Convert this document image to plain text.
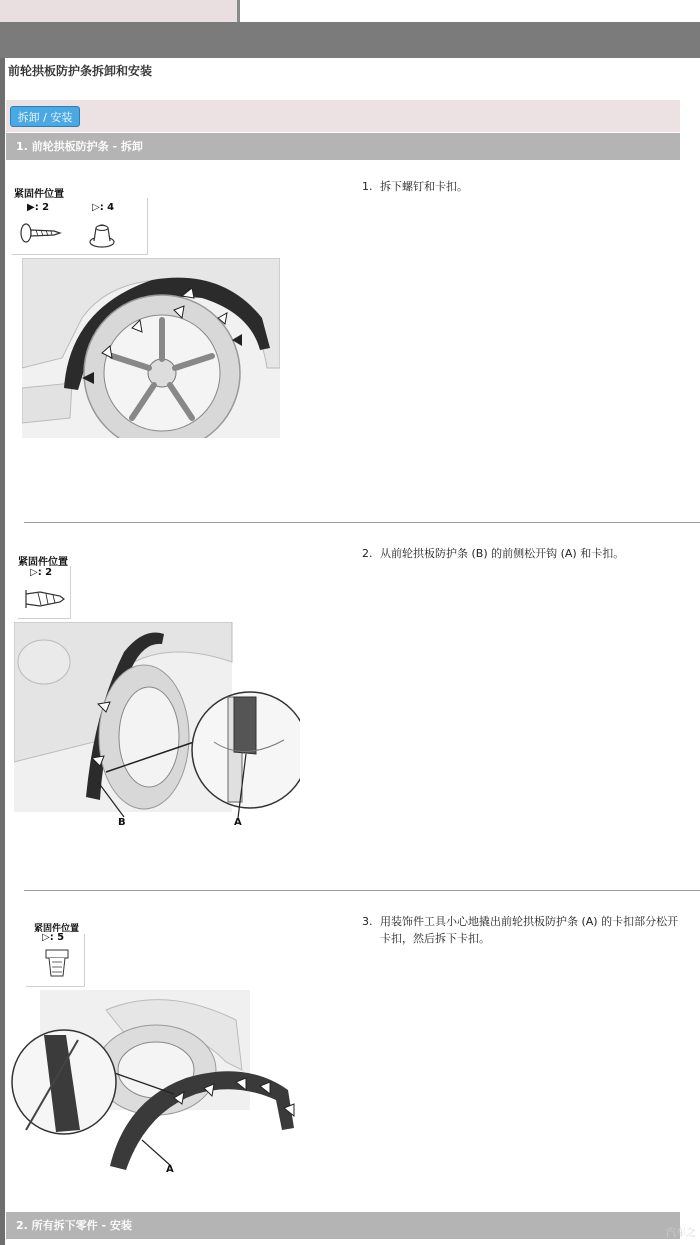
前轮拱板防护条拆卸和安装
拆卸 / 安装
1. 前轮拱板防护条 - 拆卸
1. 拆下螺钉和卡扣。
紧固件位置
▶: 2	▷: 4
2. 从前轮拱板防护条 (B) 的前侧松开钩 (A) 和卡扣。
紧固件位置
▷: 2
B	A
3. 用装饰件工具小心地撬出前轮拱板防护条 (A) 的卡扣部分松开卡扣，然后拆下卡扣。
紧固件位置
▷: 5
A
2. 所有拆下零件 - 安装
汽车之
